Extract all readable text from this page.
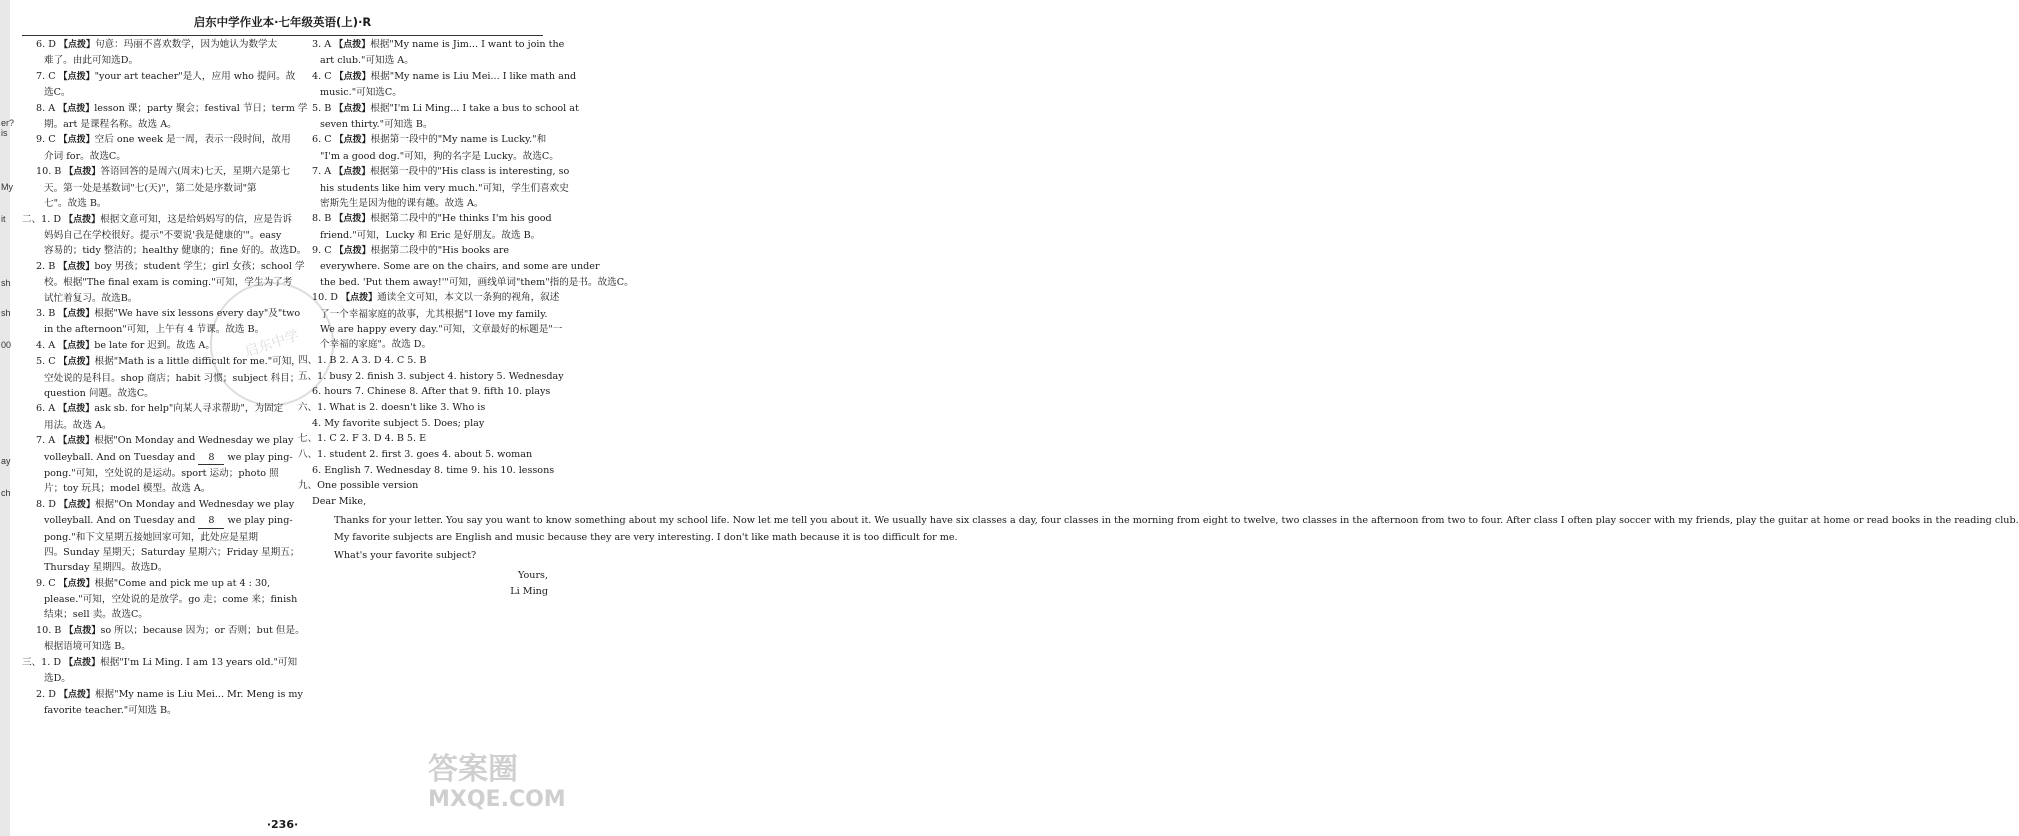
er?
is
My
it
sh
sh
00
ay
ch
启东中学作业本·七年级英语(上)·R
启东中学

6. D 【点拨】句意：玛丽不喜欢数学，因为她认为数学太

难了。由此可知选D。

7. C 【点拨】"your art teacher"是人，应用 who 提问。故

选C。

8. A 【点拨】lesson 课；party 聚会；festival 节日；term 学

期。art 是课程名称。故选 A。

9. C 【点拨】空后 one week 是一周，表示一段时间，故用

介词 for。故选C。

10. B 【点拨】答语回答的是周六(周末)七天，星期六是第七

天。第一处是基数词"七(天)"，第二处是序数词"第

七"。故选 B。

二、1. D 【点拨】根据文意可知，这是给妈妈写的信，应是告诉

妈妈自己在学校很好。提示"不要说'我是健康的'"。easy

容易的；tidy 整洁的；healthy 健康的；fine 好的。故选D。

2. B 【点拨】boy 男孩；student 学生；girl 女孩；school 学

校。根据"The final exam is coming."可知，学生为了考

试忙着复习。故选B。

3. B 【点拨】根据"We have six lessons every day"及"two

in the afternoon"可知，上午有 4 节课。故选 B。

4. A 【点拨】be late for 迟到。故选 A。

5. C 【点拨】根据"Math is a little difficult for me."可知，

空处说的是科目。shop 商店；habit 习惯；subject 科目；

question 问题。故选C。

6. A 【点拨】ask sb. for help"向某人寻求帮助"，为固定

用法。故选 A。

7. A 【点拨】根据"On Monday and Wednesday we play

volleyball. And on Tuesday and 8 we play ping-

pong."可知，空处说的是运动。sport 运动；photo 照

片；toy 玩具；model 模型。故选 A。

8. D 【点拨】根据"On Monday and Wednesday we play

volleyball. And on Tuesday and 8 we play ping-

pong."和下文星期五接她回家可知，此处应是星期

四。Sunday 星期天；Saturday 星期六；Friday 星期五；

Thursday 星期四。故选D。

9. C 【点拨】根据"Come and pick me up at 4 : 30,

please."可知，空处说的是放学。go 走；come 来；finish

结束；sell 卖。故选C。

10. B 【点拨】so 所以；because 因为；or 否则；but 但是。

根据语境可知选 B。

三、1. D 【点拨】根据"I'm Li Ming. I am 13 years old."可知

选D。

2. D 【点拨】根据"My name is Liu Mei... Mr. Meng is my

favorite teacher."可知选 B。

3. A 【点拨】根据"My name is Jim... I want to join the

art club."可知选 A。

4. C 【点拨】根据"My name is Liu Mei... I like math and

music."可知选C。

5. B 【点拨】根据"I'm Li Ming... I take a bus to school at

seven thirty."可知选 B。

6. C 【点拨】根据第一段中的"My name is Lucky."和

"I'm a good dog."可知，狗的名字是 Lucky。故选C。

7. A 【点拨】根据第一段中的"His class is interesting, so

his students like him very much."可知，学生们喜欢史

密斯先生是因为他的课有趣。故选 A。

8. B 【点拨】根据第二段中的"He thinks I'm his good

friend."可知，Lucky 和 Eric 是好朋友。故选 B。

9. C 【点拨】根据第二段中的"His books are

everywhere. Some are on the chairs, and some are under

the bed. 'Put them away!'"可知，画线单词"them"指的是书。故选C。

10. D 【点拨】通读全文可知，本文以一条狗的视角，叙述

了一个幸福家庭的故事，尤其根据"I love my family.

We are happy every day."可知，文章最好的标题是"一

个幸福的家庭"。故选 D。

四、1. B 2. A 3. D 4. C 5. B

五、1. busy 2. finish 3. subject 4. history 5. Wednesday

6. hours 7. Chinese 8. After that 9. fifth 10. plays

六、1. What is 2. doesn't like 3. Who is

4. My favorite subject 5. Does; play

七、1. C 2. F 3. D 4. B 5. E

八、1. student 2. first 3. goes 4. about 5. woman

6. English 7. Wednesday 8. time 9. his 10. lessons

九、One possible version

Dear Mike,

Thanks for your letter. You say you want to know something about my school life. Now let me tell you about it. We usually have six classes a day, four classes in the morning from eight to twelve, two classes in the afternoon from two to four. After class I often play soccer with my friends, play the guitar at home or read books in the reading club.

My favorite subjects are English and music because they are very interesting. I don't like math because it is too difficult for me.

What's your favorite subject?

Yours,

Li Ming

答案圈
MXQE.COM
·236·
